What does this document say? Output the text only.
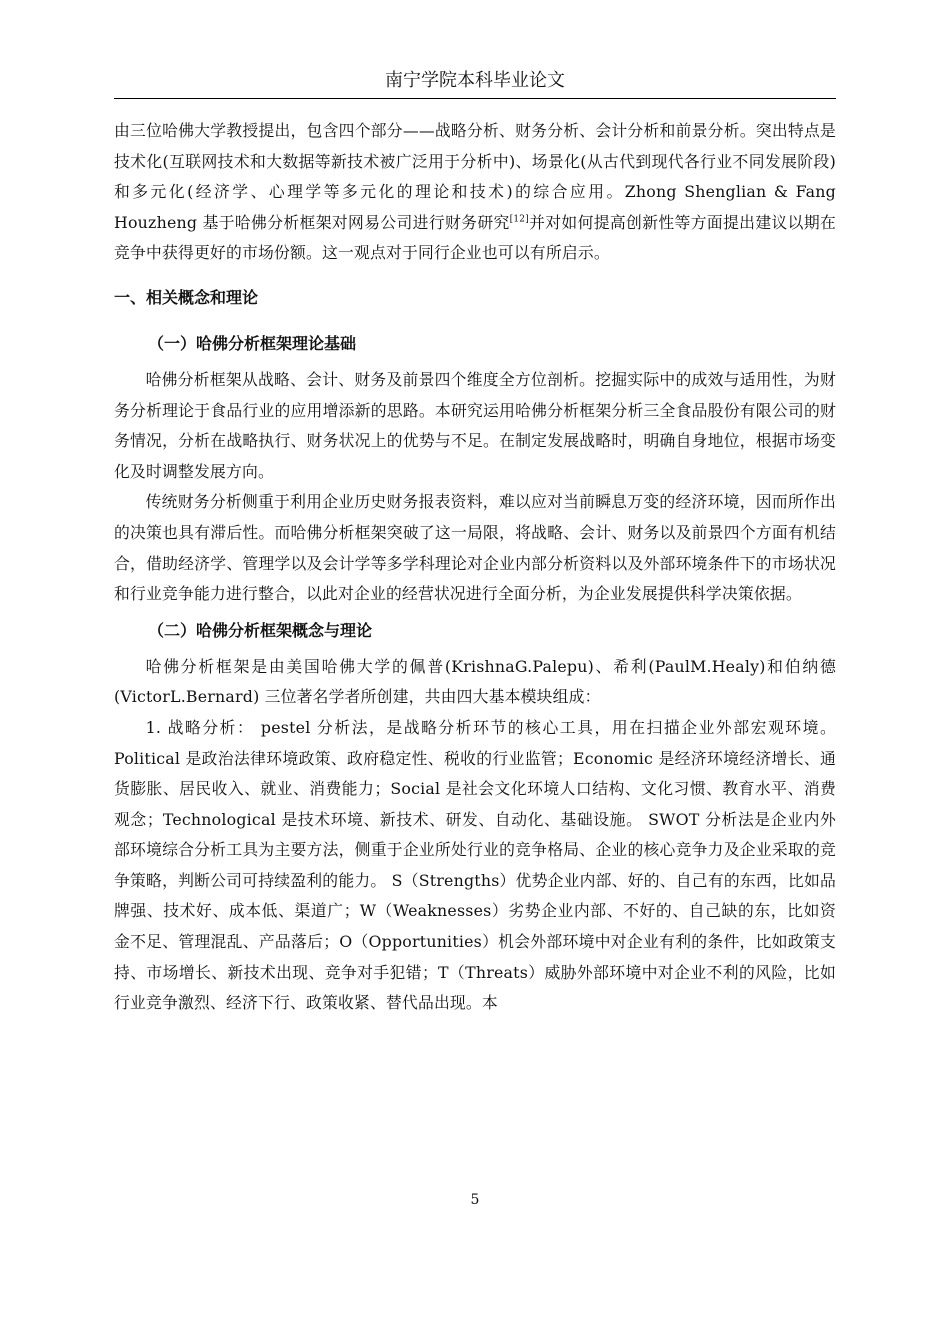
南宁学院本科毕业论文

由三位哈佛大学教授提出，包含四个部分——战略分析、财务分析、会计分析和前景分析。突出特点是技术化(互联网技术和大数据等新技术被广泛用于分析中)、场景化(从古代到现代各行业不同发展阶段) 和多元化(经济学、心理学等多元化的理论和技术)的综合应用。Zhong Shenglian & Fang Houzheng 基于哈佛分析框架对网易公司进行财务研究[12]并对如何提高创新性等方面提出建议以期在竞争中获得更好的市场份额。这一观点对于同行企业也可以有所启示。

一、相关概念和理论
（一）哈佛分析框架理论基础

哈佛分析框架从战略、会计、财务及前景四个维度全方位剖析。挖掘实际中的成效与适用性，为财务分析理论于食品行业的应用增添新的思路。本研究运用哈佛分析框架分析三全食品股份有限公司的财务情况，分析在战略执行、财务状况上的优势与不足。在制定发展战略时，明确自身地位，根据市场变化及时调整发展方向。

传统财务分析侧重于利用企业历史财务报表资料，难以应对当前瞬息万变的经济环境，因而所作出的决策也具有滞后性。而哈佛分析框架突破了这一局限，将战略、会计、财务以及前景四个方面有机结合，借助经济学、管理学以及会计学等多学科理论对企业内部分析资料以及外部环境条件下的市场状况和行业竞争能力进行整合，以此对企业的经营状况进行全面分析，为企业发展提供科学决策依据。

（二）哈佛分析框架概念与理论

哈佛分析框架是由美国哈佛大学的佩普(KrishnaG.Palepu)、希利(PaulM.Healy)和伯纳德(VictorL.Bernard) 三位著名学者所创建，共由四大基本模块组成：

1. 战略分析： pestel 分析法，是战略分析环节的核心工具，用在扫描企业外部宏观环境。Political 是政治法律环境政策、政府稳定性、税收的行业监管；Economic 是经济环境经济增长、通货膨胀、居民收入、就业、消费能力；Social 是社会文化环境人口结构、文化习惯、教育水平、消费观念；Technological 是技术环境、新技术、研发、自动化、基础设施。 SWOT 分析法是企业内外部环境综合分析工具为主要方法，侧重于企业所处行业的竞争格局、企业的核心竞争力及企业采取的竞争策略，判断公司可持续盈利的能力。 S（Strengths）优势企业内部、好的、自己有的东西，比如品牌强、技术好、成本低、渠道广；W（Weaknesses）劣势企业内部、不好的、自己缺的东，比如资金不足、管理混乱、产品落后；O（Opportunities）机会外部环境中对企业有利的条件，比如政策支持、市场增长、新技术出现、竞争对手犯错；T（Threats）威胁外部环境中对企业不利的风险，比如行业竞争激烈、经济下行、政策收紧、替代品出现。本

5
